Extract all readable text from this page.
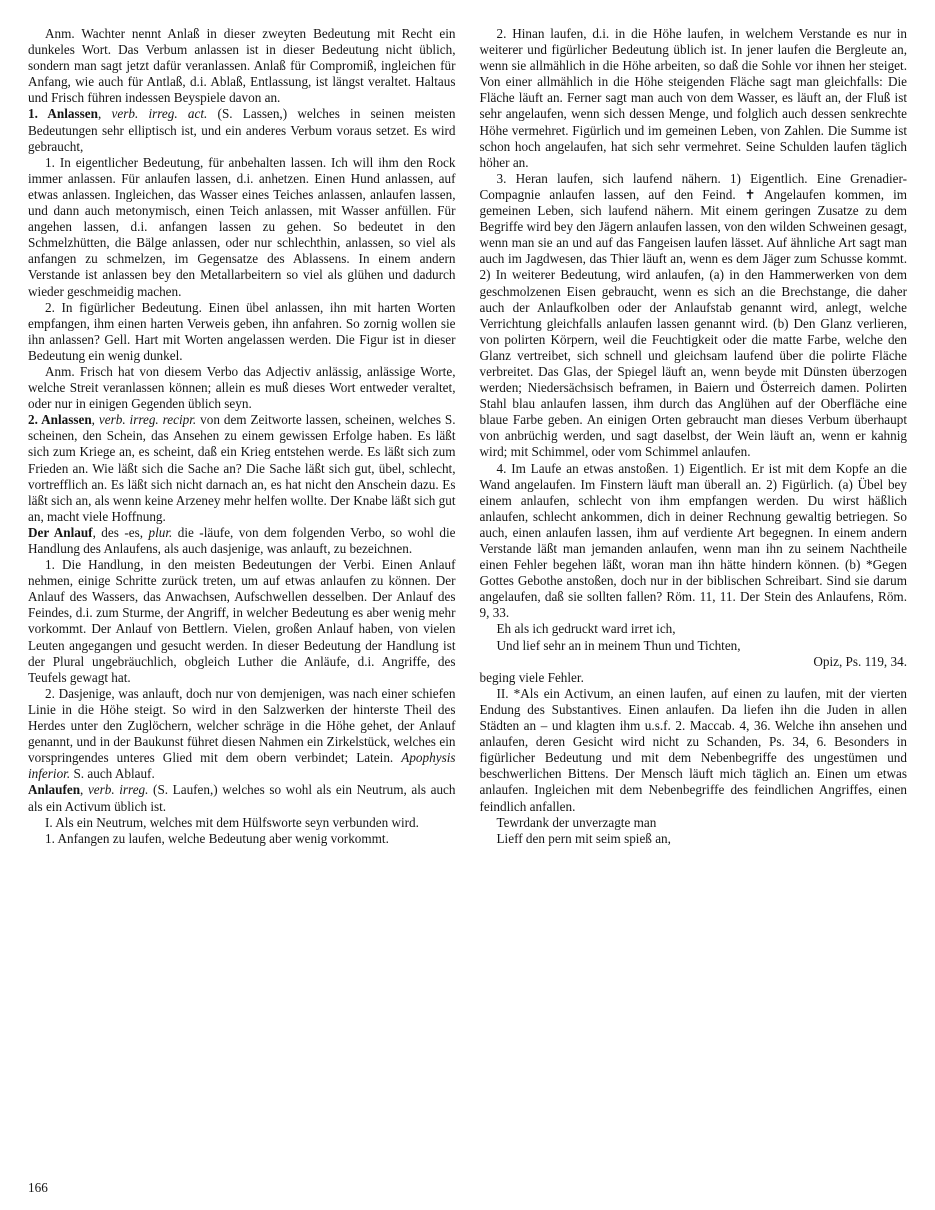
Anm. Wachter nennt Anlaß in dieser zweyten Bedeutung mit Recht ein dunkeles Wort. Das Verbum anlassen ist in dieser Bedeutung nicht üblich, sondern man sagt jetzt dafür veranlassen. Anlaß für Compromiß, ingleichen für Anfang, wie auch für Antlaß, d.i. Ablaß, Entlassung, ist längst veraltet. Haltaus und Frisch führen indessen Beyspiele davon an.

1. Anlassen, verb. irreg. act. (S. Lassen,) welches in seinen meisten Bedeutungen sehr elliptisch ist, und ein anderes Verbum voraus setzet. Es wird gebraucht,

1. In eigentlicher Bedeutung, für anbehalten lassen. Ich will ihm den Rock immer anlassen. Für anlaufen lassen, d.i. anhetzen. Einen Hund anlassen, auf etwas anlassen. Ingleichen, das Wasser eines Teiches anlassen, anlaufen lassen, und dann auch metonymisch, einen Teich anlassen, mit Wasser anfüllen. Für angehen lassen, d.i. anfangen lassen zu gehen. So bedeutet in den Schmelzhütten, die Bälge anlassen, oder nur schlechthin, anlassen, so viel als anfangen zu schmelzen, im Gegensatze des Ablassens. In einem andern Verstande ist anlassen bey den Metallarbeitern so viel als glühen und dadurch wieder geschmeidig machen.

2. In figürlicher Bedeutung. Einen übel anlassen, ihn mit harten Worten empfangen, ihm einen harten Verweis geben, ihn anfahren. So zornig wollen sie ihn anlassen? Gell. Hart mit Worten angelassen werden. Die Figur ist in dieser Bedeutung ein wenig dunkel.

Anm. Frisch hat von diesem Verbo das Adjectiv anlässig, anlässige Worte, welche Streit veranlassen können; allein es muß dieses Wort entweder veraltet, oder nur in einigen Gegenden üblich seyn.

2. Anlassen, verb. irreg. recipr. von dem Zeitworte lassen, scheinen, welches S. scheinen, den Schein, das Ansehen zu einem gewissen Erfolge haben. Es läßt sich zum Kriege an, es scheint, daß ein Krieg entstehen werde. Es läßt sich zum Frieden an. Wie läßt sich die Sache an? Die Sache läßt sich gut, übel, schlecht, vortrefflich an. Es läßt sich nicht darnach an, es hat nicht den Anschein dazu. Es läßt sich an, als wenn keine Arzeney mehr helfen wollte. Der Knabe läßt sich gut an, macht viele Hoffnung.

Der Anlauf, des -es, plur. die -läufe, von dem folgenden Verbo, so wohl die Handlung des Anlaufens, als auch dasjenige, was anlauft, zu bezeichnen.

1. Die Handlung, in den meisten Bedeutungen der Verbi. Einen Anlauf nehmen, einige Schritte zurück treten, um auf etwas anlaufen zu können. Der Anlauf des Wassers, das Anwachsen, Aufschwellen desselben. Der Anlauf des Feindes, d.i. zum Sturme, der Angriff, in welcher Bedeutung es aber wenig mehr vorkommt. Der Anlauf von Bettlern. Vielen, großen Anlauf haben, von vielen Leuten angegangen und gesucht werden. In dieser Bedeutung der Handlung ist der Plural ungebräuchlich, obgleich Luther die Anläufe, d.i. Angriffe, des Teufels gewagt hat.

2. Dasjenige, was anlauft, doch nur von demjenigen, was nach einer schiefen Linie in die Höhe steigt. So wird in den Salzwerken der hinterste Theil des Herdes unter den Zuglöchern, welcher schräge in die Höhe gehet, der Anlauf genannt, und in der Baukunst führet diesen Nahmen ein Zirkelstück, welches ein vorspringendes unteres Glied mit dem obern verbindet; Latein. Apophysis inferior. S. auch Ablauf.

Anlaufen, verb. irreg. (S. Laufen,) welches so wohl als ein Neutrum, als auch als ein Activum üblich ist.

I. Als ein Neutrum, welches mit dem Hülfsworte seyn verbunden wird.

1. Anfangen zu laufen, welche Bedeutung aber wenig vorkommt.

2. Hinan laufen, d.i. in die Höhe laufen, in welchem Verstande es nur in weiterer und figürlicher Bedeutung üblich ist. In jener laufen die Bergleute an, wenn sie allmählich in die Höhe arbeiten, so daß die Sohle vor ihnen her steiget. Von einer allmählich in die Höhe steigenden Fläche sagt man gleichfalls: Die Fläche läuft an. Ferner sagt man auch von dem Wasser, es läuft an, der Fluß ist sehr angelaufen, wenn sich dessen Menge, und folglich auch dessen senkrechte Höhe vermehret. Figürlich und im gemeinen Leben, von Zahlen. Die Summe ist schon hoch angelaufen, hat sich sehr vermehret. Seine Schulden laufen täglich höher an.

3. Heran laufen, sich laufend nähern. 1) Eigentlich. Eine Grenadier-Compagnie anlaufen lassen, auf den Feind. ✝ Angelaufen kommen, im gemeinen Leben, sich laufend nähern. Mit einem geringen Zusatze zu dem Begriffe wird bey den Jägern anlaufen lassen, von den wilden Schweinen gesagt, wenn man sie an und auf das Fangeisen laufen lässet. Auf ähnliche Art sagt man auch im Jagdwesen, das Thier läuft an, wenn es dem Jäger zum Schusse kommt. 2) In weiterer Bedeutung, wird anlaufen, (a) in den Hammerwerken von dem geschmolzenen Eisen gebraucht, wenn es sich an die Brechstange, die daher auch der Anlaufkolben oder der Anlaufstab genannt wird, anlegt, welche Verrichtung gleichfalls anlaufen lassen genannt wird. (b) Den Glanz verlieren, von polirten Körpern, weil die Feuchtigkeit oder die matte Farbe, welche den Glanz vertreibet, sich schnell und gleichsam laufend über die polirte Fläche verbreitet. Das Glas, der Spiegel läuft an, wenn beyde mit Dünsten überzogen werden; Niedersächsisch beframen, in Baiern und Österreich damen. Polirten Stahl blau anlaufen lassen, ihm durch das Anglühen auf der Oberfläche eine blaue Farbe geben. An einigen Orten gebraucht man dieses Verbum überhaupt von anbrüchig werden, und sagt daselbst, der Wein läuft an, wenn er kahnig wird; mit Schimmel, oder vom Schimmel anlaufen.

4. Im Laufe an etwas anstoßen. 1) Eigentlich. Er ist mit dem Kopfe an die Wand angelaufen. Im Finstern läuft man überall an. 2) Figürlich. (a) Übel bey einem anlaufen, schlecht von ihm empfangen werden. Du wirst häßlich anlaufen, schlecht ankommen, dich in deiner Rechnung gewaltig betriegen. So auch, einen anlaufen lassen, ihm auf verdiente Art begegnen. In einem andern Verstande läßt man jemanden anlaufen, wenn man ihn zu seinem Nachtheile einen Fehler begehen läßt, woran man ihn hätte hindern können. (b) *Gegen Gottes Gebothe anstoßen, doch nur in der biblischen Schreibart. Sind sie darum angelaufen, daß sie sollten fallen? Röm. 11, 11. Der Stein des Anlaufens, Röm. 9, 33.

Eh als ich gedruckt ward irret ich,

Und lief sehr an in meinem Thun und Tichten,

Opiz, Ps. 119, 34.

beging viele Fehler.

II. *Als ein Activum, an einen laufen, auf einen zu laufen, mit der vierten Endung des Substantives. Einen anlaufen. Da liefen ihn die Juden in allen Städten an – und klagten ihm u.s.f. 2. Maccab. 4, 36. Welche ihn ansehen und anlaufen, deren Gesicht wird nicht zu Schanden, Ps. 34, 6. Besonders in figürlicher Bedeutung und mit dem Nebenbegriffe des ungestümen und beschwerlichen Bittens. Der Mensch läuft mich täglich an. Einen um etwas anlaufen. Ingleichen mit dem Nebenbegriffe des feindlichen Angriffes, einen feindlich anfallen.

Tewrdank der unverzagte man

Lieff den pern mit seim spieß an,

166
